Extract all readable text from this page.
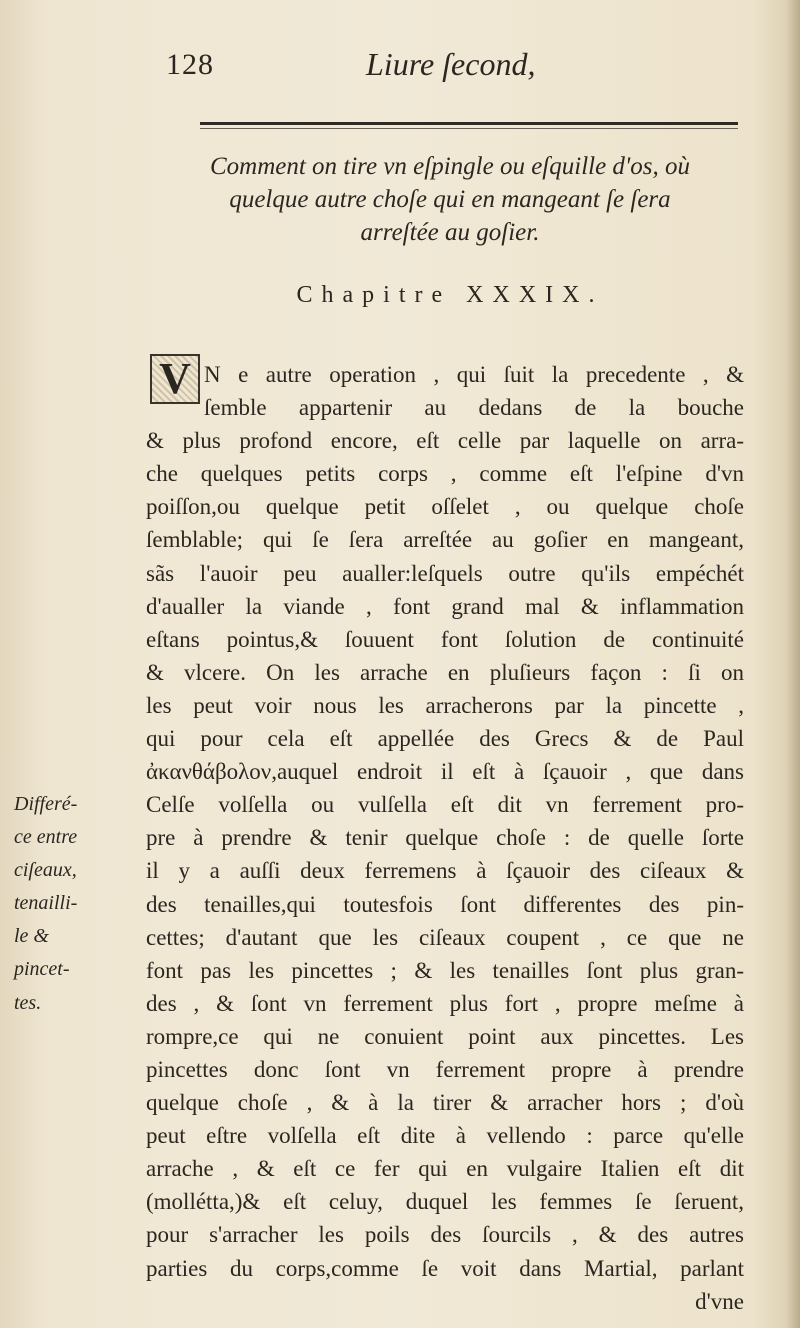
128	Liure ſecond,
Comment on tire vn eſpingle ou eſquille d'os, où
quelque autre choſe qui en mangeant ſe ſera
arreſtée au goſier.
Chapitre XXXIX.
V N e autre operation , qui ſuit la precedente , &
ſemble appartenir au dedans de la bouche
& plus profond encore, eſt celle par laquelle on arra-
che quelques petits corps , comme eſt l'eſpine d'vn
poiſſon,ou quelque petit oſſelet , ou quelque choſe
ſemblable; qui ſe ſera arreſtée au goſier en mangeant,
sãs l'auoir peu aualler:leſquels outre qu'ils empéchét
d'aualler la viande , font grand mal & inflammation
eſtans pointus,& ſouuent font ſolution de continuité
& vlcere. On les arrache en pluſieurs façon : ſi on
les peut voir nous les arracherons par la pincette ,
qui pour cela eſt appellée des Grecs & de Paul
ἀκανθάβολον,auquel endroit il eſt à ſçauoir , que dans
Celſe volſella ou vulſella eſt dit vn ferrement pro-
pre à prendre & tenir quelque choſe : de quelle ſorte
il y a auſſi deux ferremens à ſçauoir des ciſeaux &
des tenailles,qui toutesfois ſont differentes des pin-
cettes; d'autant que les ciſeaux coupent , ce que ne
font pas les pincettes ; & les tenailles ſont plus gran-
des , & ſont vn ferrement plus fort , propre meſme à
rompre,ce qui ne conuient point aux pincettes. Les
pincettes donc ſont vn ferrement propre à prendre
quelque choſe , & à la tirer & arracher hors ; d'où
peut eſtre volſella eſt dite à vellendo : parce qu'elle
arrache , & eſt ce fer qui en vulgaire Italien eſt dit
(mollétta,)& eſt celuy, duquel les femmes ſe ſeruent,
pour s'arracher les poils des ſourcils , & des autres
parties du corps,comme ſe voit dans Martial, parlant
d'vne
Differé-
ce entre
ciſeaux,
tenailli-
le &
pincet-
tes.
